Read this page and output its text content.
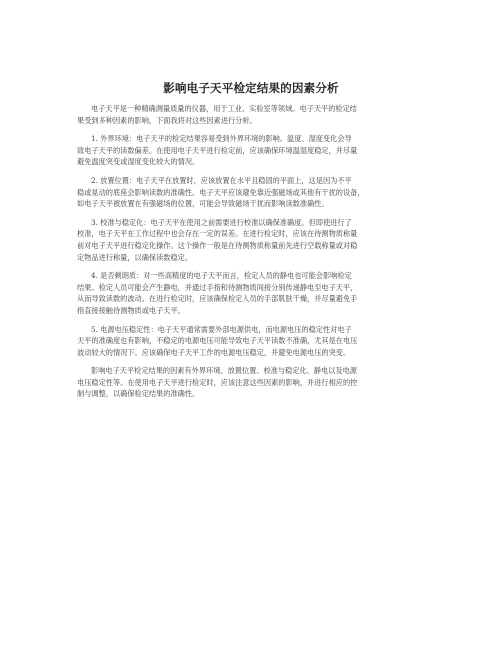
影响电子天平检定结果的因素分析

电子天平是一种精确测量质量的仪器，用于工业、实验室等领域。电子天平的检定结
果受到多种因素的影响，下面我将对这些因素进行分析。

1. 外界环境：电子天平的检定结果容易受到外界环境的影响。温度、湿度变化会导
致电子天平的读数偏差。在使用电子天平进行检定前，应该确保环境温湿度稳定，并尽量
避免温度突变或湿度变化较大的情况。

2. 放置位置：电子天平在放置时，应该放置在水平且稳固的平面上，这是因为不平
稳或晃动的底座会影响读数的准确性。电子天平应该避免靠近强磁场或其他有干扰的设备，
如电子天平被放置在有强磁场的位置，可能会导致磁场干扰而影响读数准确性。

3. 校准与稳定化：电子天平在使用之前需要进行校准以确保准确度。但即使进行了
校准，电子天平在工作过程中也会存在一定的误差。在进行检定时，应该在待测物质称量
前对电子天平进行稳定化操作。这个操作一般是在待测物质称量前先进行空载称量或对稳
定物品进行称量，以确保读数稳定。

4. 是否剩朗质：对一些高精度的电子天平而言，检定人员的静电也可能会影响检定
结果。检定人员可能会产生静电，并通过手指和待测物质间接分别传递静电至电子天平，
从而导致读数的波动。在进行检定时，应该确保检定人员的手部肌肤干燥，并尽量避免手
指直接接触待测物质或电子天平。

5. 电源电压稳定性：电子天平通常需要外部电源供电，而电源电压的稳定性对电子
天平的准确度也有影响，不稳定的电源电压可能导致电子天平读数不准确，尤其是在电压
波动较大的情况下。应该确保电子天平工作的电源电压稳定，并避免电源电压的突变。

影响电子天平检定结果的因素有外界环境、放置位置、校准与稳定化、静电以及电源
电压稳定性等。在使用电子天平进行检定时，应该注意这些因素的影响，并进行相应的控
制与调整，以确保检定结果的准确性。
